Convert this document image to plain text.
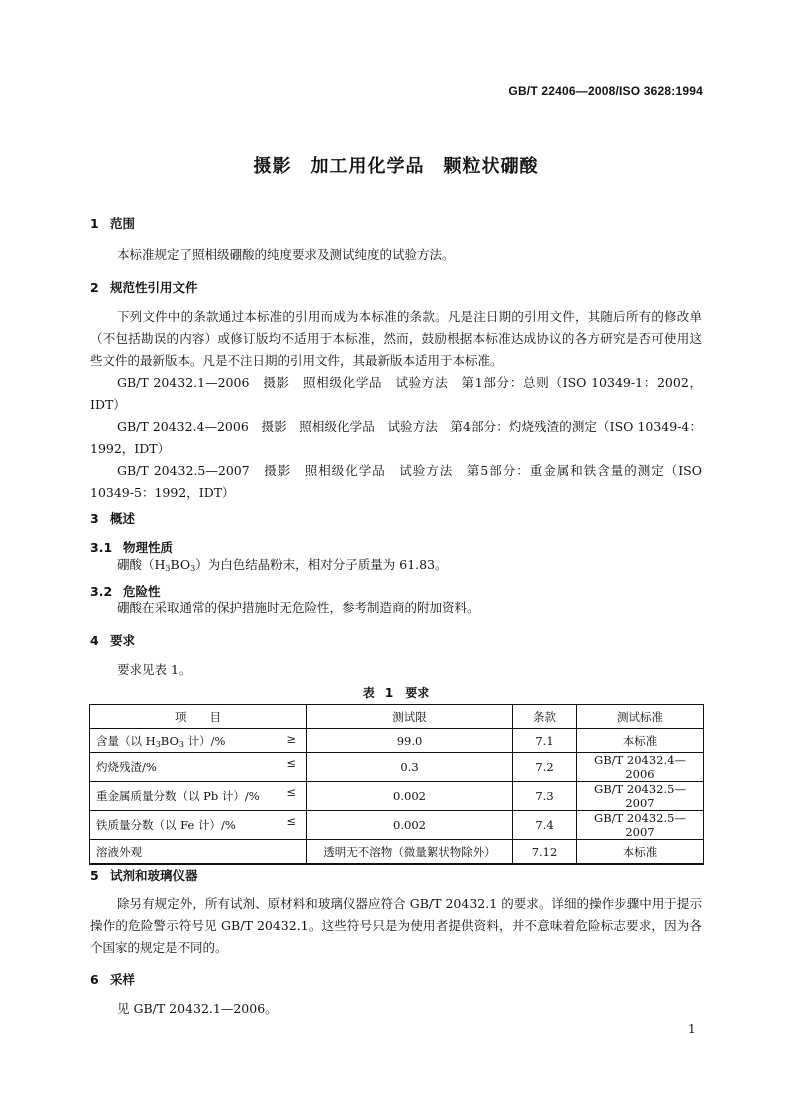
GB/T 22406—2008/ISO 3628:1994
摄影　加工用化学品　颗粒状硼酸
1 范围
本标准规定了照相级硼酸的纯度要求及测试纯度的试验方法。
2 规范性引用文件
下列文件中的条款通过本标准的引用而成为本标准的条款。凡是注日期的引用文件，其随后所有的修改单（不包括勘误的内容）或修订版均不适用于本标准，然而，鼓励根据本标准达成协议的各方研究是否可使用这些文件的最新版本。凡是不注日期的引用文件，其最新版本适用于本标准。
GB/T 20432.1—2006　摄影　照相级化学品　试验方法　第1部分：总则（ISO 10349-1：2002，IDT）
GB/T 20432.4—2006　摄影　照相级化学品　试验方法　第4部分：灼烧残渣的测定（ISO 10349-4：1992，IDT）
GB/T 20432.5—2007　摄影　照相级化学品　试验方法　第5部分：重金属和铁含量的测定（ISO 10349-5：1992，IDT）
3 概述
3.1 物理性质
硼酸$(H_3BO_3)$为白色结晶粉末，相对分子质量为 61.83。
3.2 危险性
硼酸在采取通常的保护措施时无危险性，参考制造商的附加资料。
4 要求
要求见表 1。
表 1　要求
项　　目	测试限	条款	测试标准
含量（以 $H_3BO_3$ 计）/% ≥	99.0	7.1	本标准
灼烧残渣/% ≤	0.3	7.2	GB/T 20432.4—2006
重金属质量分数（以 Pb 计）/% ≤	0.002	7.3	GB/T 20432.5—2007
铁质量分数（以 Fe 计）/% ≤	0.002	7.4	GB/T 20432.5—2007
溶液外观	透明无不溶物（微量絮状物除外）	7.12	本标准
5 试剂和玻璃仪器
除另有规定外，所有试剂、原材料和玻璃仪器应符合 GB/T 20432.1 的要求。详细的操作步骤中用于提示操作的危险警示符号见 GB/T 20432.1。这些符号只是为使用者提供资料，并不意味着危险标志要求，因为各个国家的规定是不同的。
6 采样
见 GB/T 20432.1—2006。
1
